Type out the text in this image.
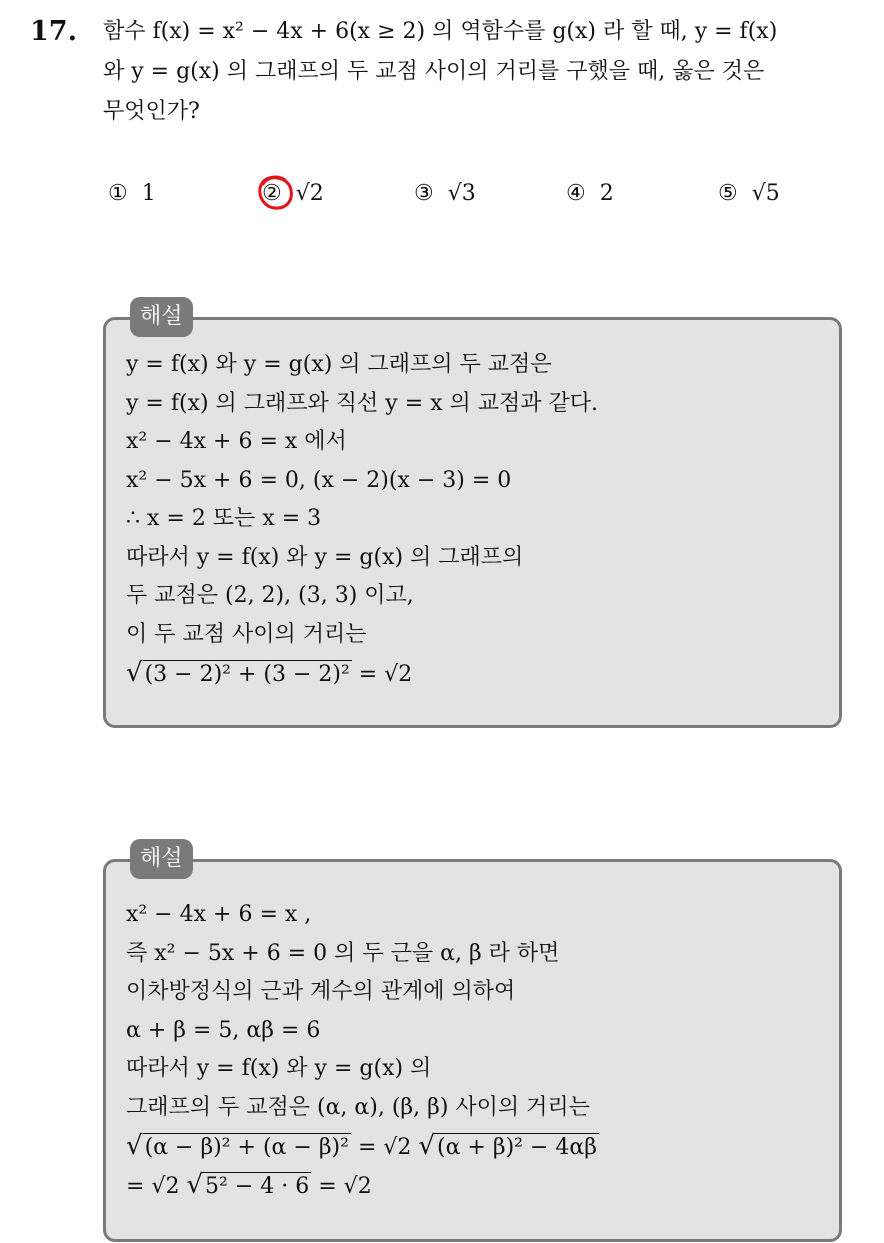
17. 함수 f(x) = x² − 4x + 6(x ≥ 2) 의 역함수를 g(x) 라 할 때, y = f(x)
와 y = g(x) 의 그래프의 두 교점 사이의 거리를 구했을 때, 옳은 것은
무엇인가?
① 1	② √2	③ √3	④ 2	⑤ √5
y = f(x) 와 y = g(x) 의 그래프의 두 교점은
y = f(x) 의 그래프와 직선 y = x 의 교점과 같다.
x² − 4x + 6 = x 에서
x² − 5x + 6 = 0, (x − 2)(x − 3) = 0
∴ x = 2 또는 x = 3
따라서 y = f(x) 와 y = g(x) 의 그래프의
두 교점은 (2, 2), (3, 3) 이고,
이 두 교점 사이의 거리는
√(3 − 2)² + (3 − 2)² = √2
해설
x² − 4x + 6 = x ,
즉 x² − 5x + 6 = 0 의 두 근을 α, β 라 하면
이차방정식의 근과 계수의 관계에 의하여
α + β = 5, αβ = 6
따라서 y = f(x) 와 y = g(x) 의
그래프의 두 교점은 (α, α), (β, β) 사이의 거리는
√(α − β)² + (α − β)² = √2 √(α + β)² − 4αβ
= √2 √5² − 4 · 6 = √2
해설
